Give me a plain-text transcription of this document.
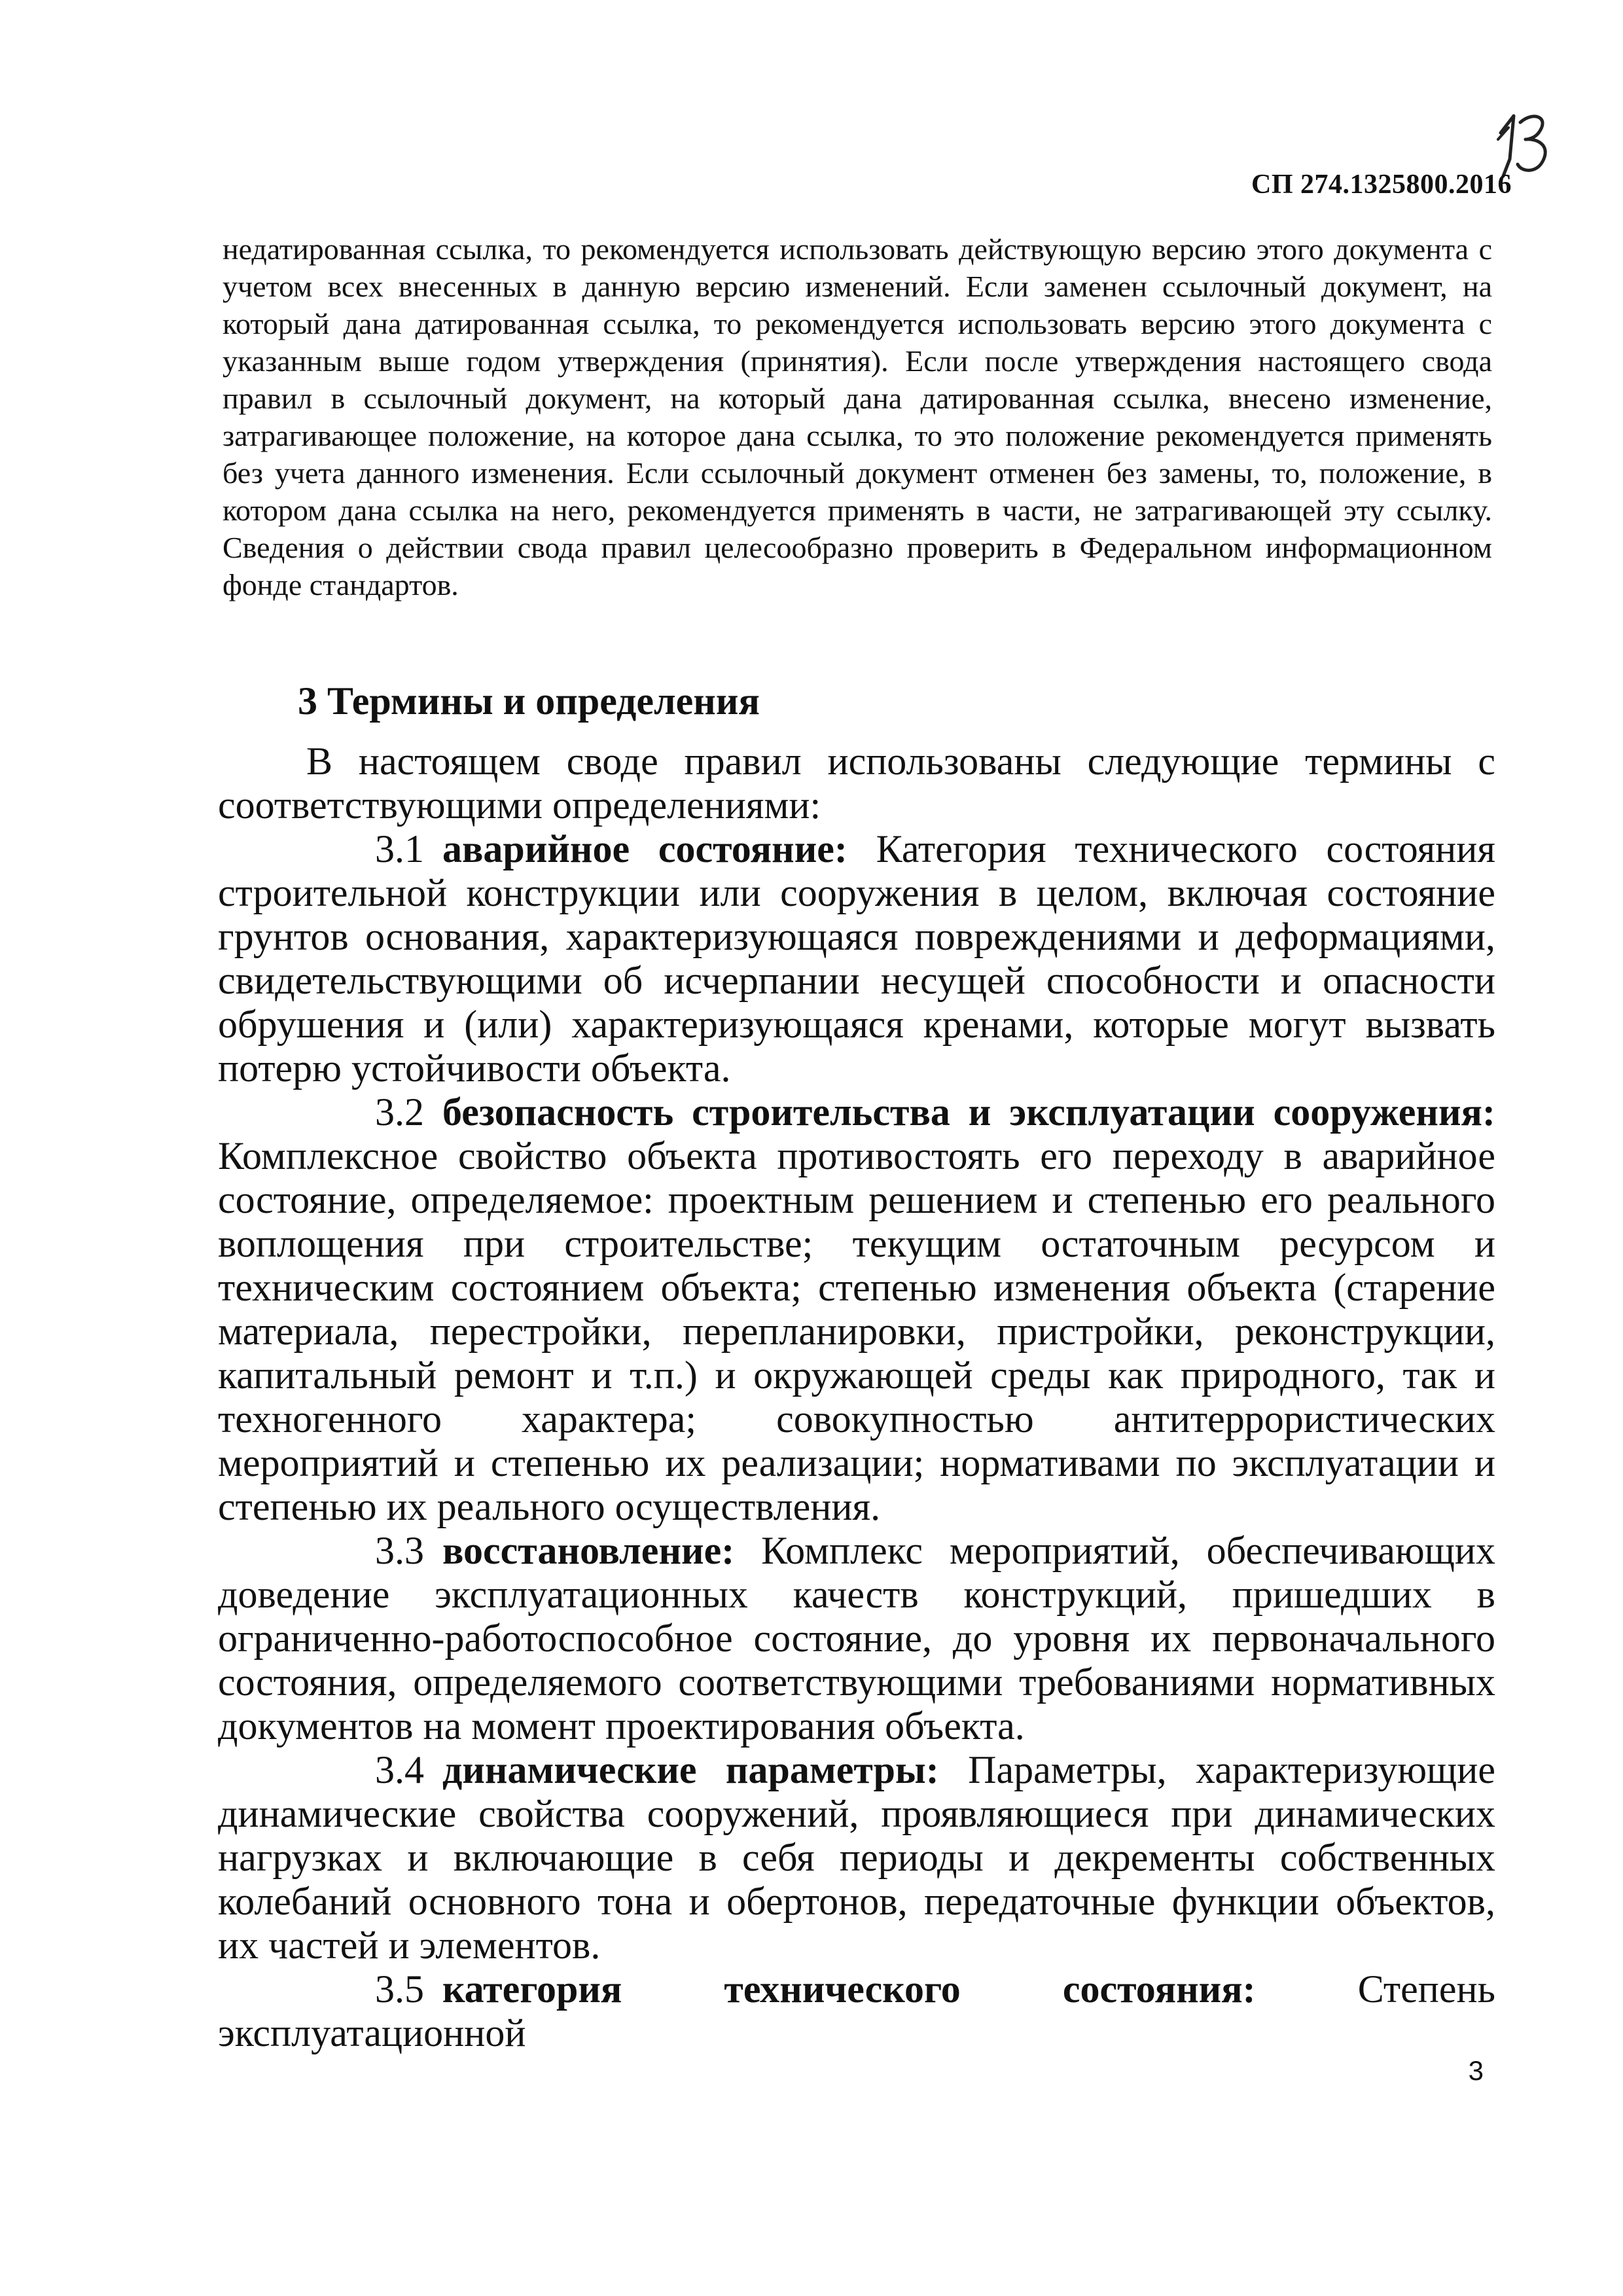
СП 274.1325800.2016

недатированная ссылка, то рекомендуется использовать действующую версию этого документа с учетом всех внесенных в данную версию изменений. Если заменен ссылочный документ, на который дана датированная ссылка, то рекомендуется использовать версию этого документа с указанным выше годом утверждения (принятия). Если после утверждения настоящего свода правил в ссылочный документ, на который дана датированная ссылка, внесено изменение, затрагивающее положение, на которое дана ссылка, то это положение рекомендуется применять без учета данного изменения. Если ссылочный документ отменен без замены, то, положение, в котором дана ссылка на него, рекомендуется применять в части, не затрагивающей эту ссылку. Сведения о действии свода правил целесообразно проверить в Федеральном информационном фонде стандартов.

3 Термины и определения

В настоящем своде правил использованы следующие термины с соответствующими определениями:

3.1 аварийное состояние: Категория технического состояния строительной конструкции или сооружения в целом, включая состояние грунтов основания, характеризующаяся повреждениями и деформациями, свидетельствующими об исчерпании несущей способности и опасности обрушения и (или) характеризующаяся кренами, которые могут вызвать потерю устойчивости объекта.

3.2 безопасность строительства и эксплуатации сооружения: Комплексное свойство объекта противостоять его переходу в аварийное состояние, определяемое: проектным решением и степенью его реального воплощения при строительстве; текущим остаточным ресурсом и техническим состоянием объекта; степенью изменения объекта (старение материала, перестройки, перепланировки, пристройки, реконструкции, капитальный ремонт и т.п.) и окружающей среды как природного, так и техногенного характера; совокупностью антитеррористических мероприятий и степенью их реализации; нормативами по эксплуатации и степенью их реального осуществления.

3.3 восстановление: Комплекс мероприятий, обеспечивающих доведение эксплуатационных качеств конструкций, пришедших в ограниченно-работоспособное состояние, до уровня их первоначального состояния, определяемого соответствующими требованиями нормативных документов на момент проектирования объекта.

3.4 динамические параметры: Параметры, характеризующие динамические свойства сооружений, проявляющиеся при динамических нагрузках и включающие в себя периоды и декременты собственных колебаний основного тона и обертонов, передаточные функции объектов, их частей и элементов.

3.5 категория технического состояния:	Степень эксплуатационной

3
